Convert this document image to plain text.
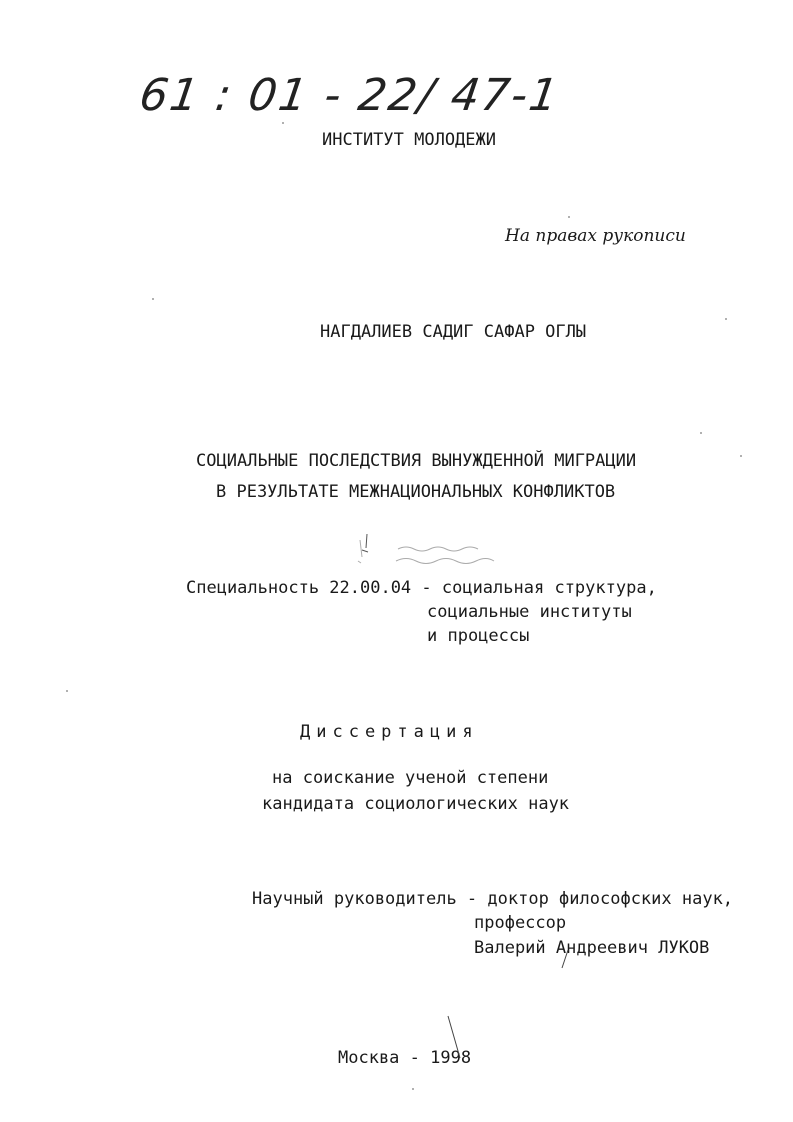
61 : 01 - 22/ 47-1
ИНСТИТУТ МОЛОДЕЖИ
На правах рукописи
НАГДАЛИЕВ САДИГ САФАР ОГЛЫ
СОЦИАЛЬНЫЕ ПОСЛЕДСТВИЯ ВЫНУЖДЕННОЙ МИГРАЦИИ
В РЕЗУЛЬТАТЕ МЕЖНАЦИОНАЛЬНЫХ КОНФЛИКТОВ
Специальность 22.00.04 - социальная структура,
социальные институты
и процессы
Диссертация
на соискание ученой степени
кандидата социологических наук
Научный руководитель - доктор философских наук,
профессор
Валерий Андреевич ЛУКОВ
Москва - 1998
